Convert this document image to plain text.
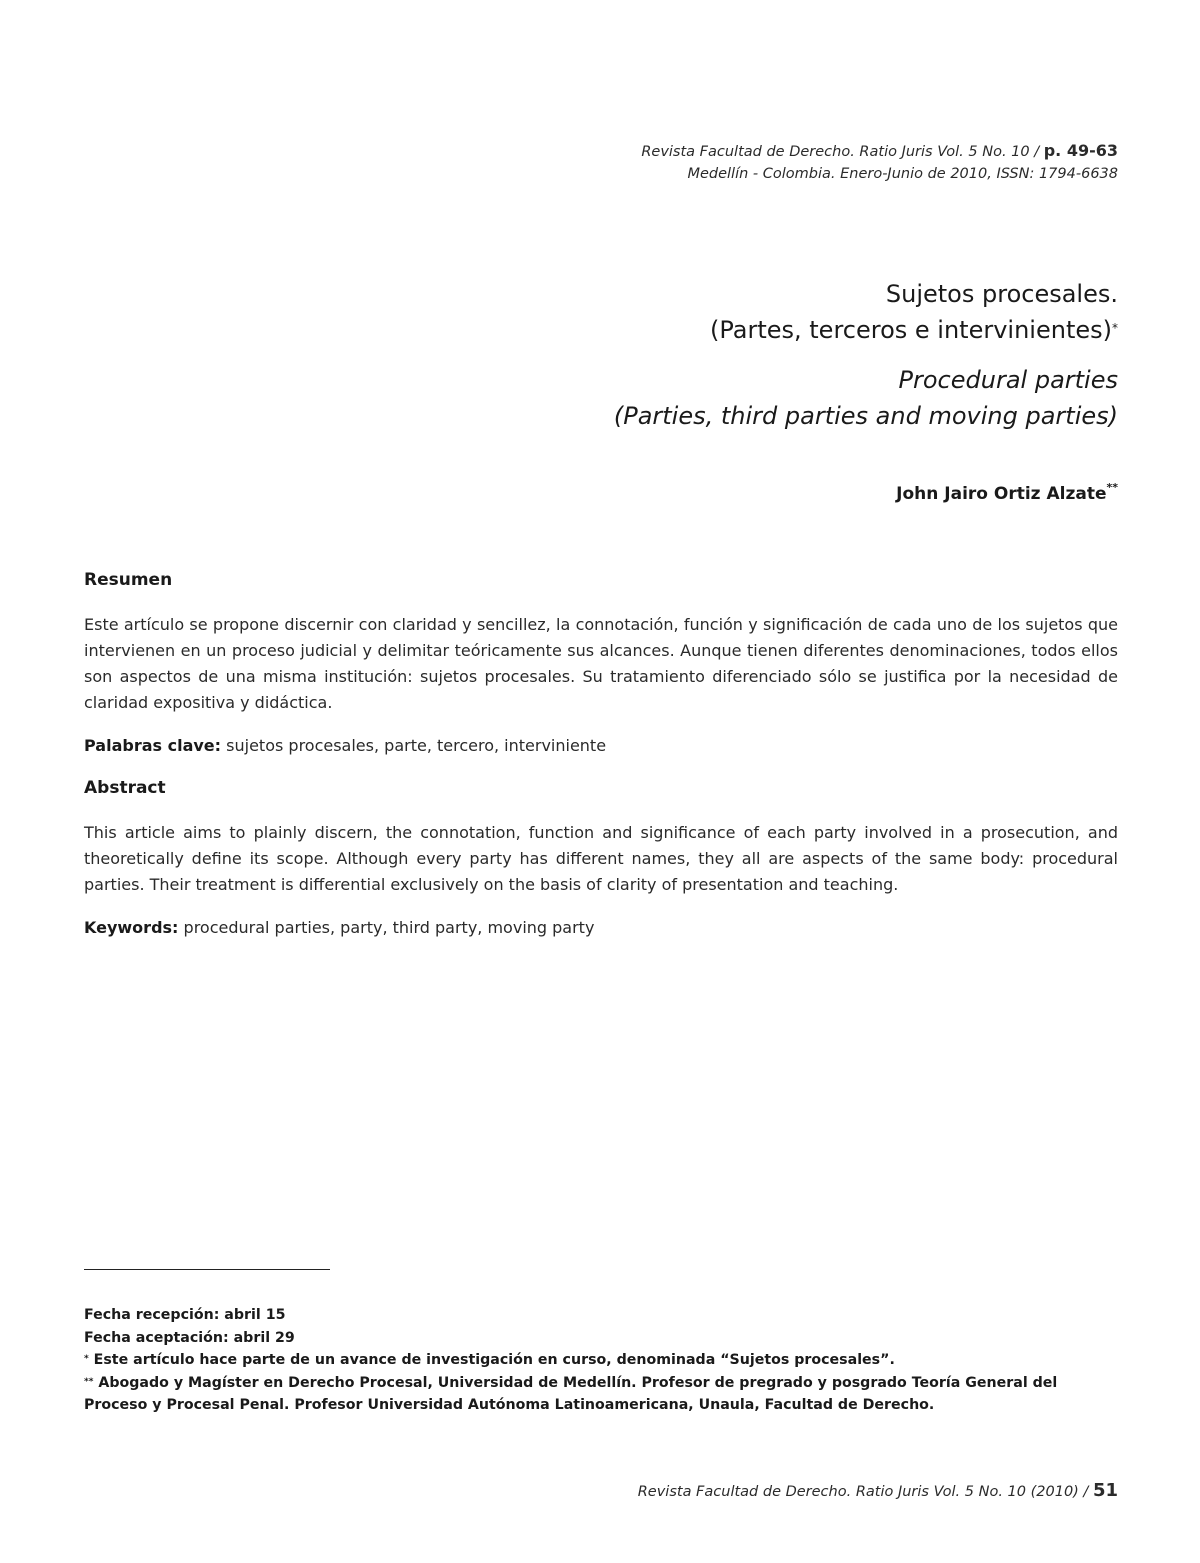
Revista Facultad de Derecho. Ratio Juris Vol. 5 No. 10 / p. 49-63
Medellín - Colombia. Enero-Junio de 2010, ISSN: 1794-6638
Sujetos procesales.
(Partes, terceros e intervinientes)*
Procedural parties
(Parties, third parties and moving parties)
John Jairo Ortiz Alzate**
Resumen
Este artículo se propone discernir con claridad y sencillez, la connotación, función y significación de cada uno de los sujetos que intervienen en un proceso judicial y delimitar teóricamente sus alcances. Aunque tienen diferentes denominaciones, todos ellos son aspectos de una misma institución: sujetos procesales. Su tratamiento diferenciado sólo se justifica por la necesidad de claridad expositiva y didáctica.
Palabras clave: sujetos procesales, parte, tercero, interviniente
Abstract
This article aims to plainly discern, the connotation, function and significance of each party involved in a prosecution, and theoretically define its scope. Although every party has different names, they all are aspects of the same body: procedural parties. Their treatment is differential exclusively on the basis of clarity of presentation and teaching.
Keywords: procedural parties, party, third party, moving party
Fecha recepción: abril 15
Fecha aceptación: abril 29
* Este artículo hace parte de un avance de investigación en curso, denominada “Sujetos procesales”.
** Abogado y Magíster en Derecho Procesal, Universidad de Medellín. Profesor de pregrado y posgrado Teoría General del Proceso y Procesal Penal. Profesor Universidad Autónoma Latinoamericana, Unaula, Facultad de Derecho.
Revista Facultad de Derecho. Ratio Juris Vol. 5 No. 10 (2010) / 51
